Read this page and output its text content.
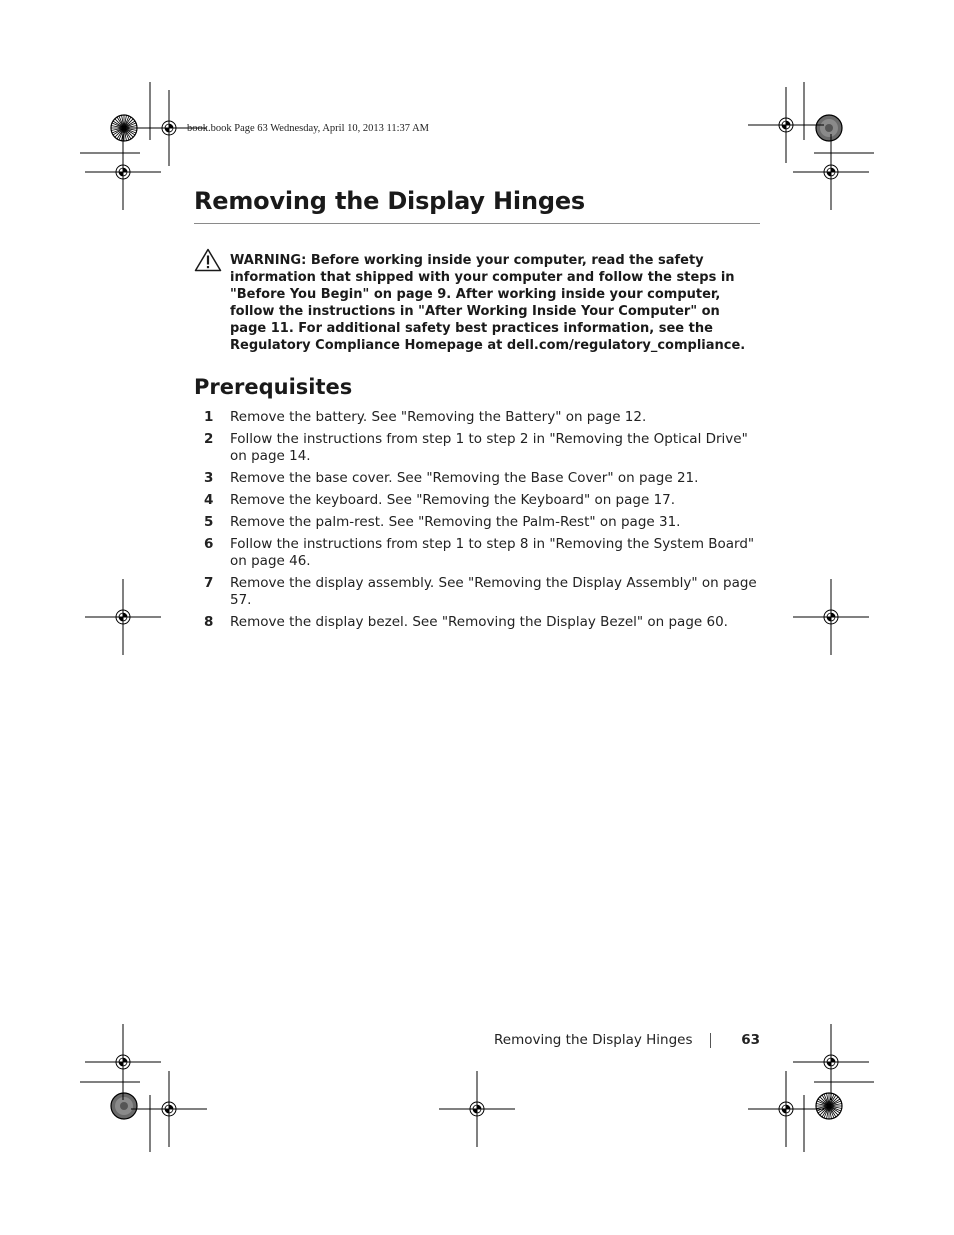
book.book Page 63 Wednesday, April 10, 2013 11:37 AM
Removing the Display Hinges

WARNING: Before working inside your computer, read the safety information that shipped with your computer and follow the steps in "Before You Begin" on page 9. After working inside your computer, follow the instructions in "After Working Inside Your Computer" on page 11. For additional safety best practices information, see the Regulatory Compliance Homepage at dell.com/regulatory_compliance.

Prerequisites
1 Remove the battery. See "Removing the Battery" on page 12.
2 Follow the instructions from step 1 to step 2 in "Removing the Optical Drive" on page 14.
3 Remove the base cover. See "Removing the Base Cover" on page 21.
4 Remove the keyboard. See "Removing the Keyboard" on page 17.
5 Remove the palm-rest. See "Removing the Palm-Rest" on page 31.
6 Follow the instructions from step 1 to step 8 in "Removing the System Board" on page 46.
7 Remove the display assembly. See "Removing the Display Assembly" on page 57.
8 Remove the display bezel. See "Removing the Display Bezel" on page 60.
Removing the Display Hinges	63
